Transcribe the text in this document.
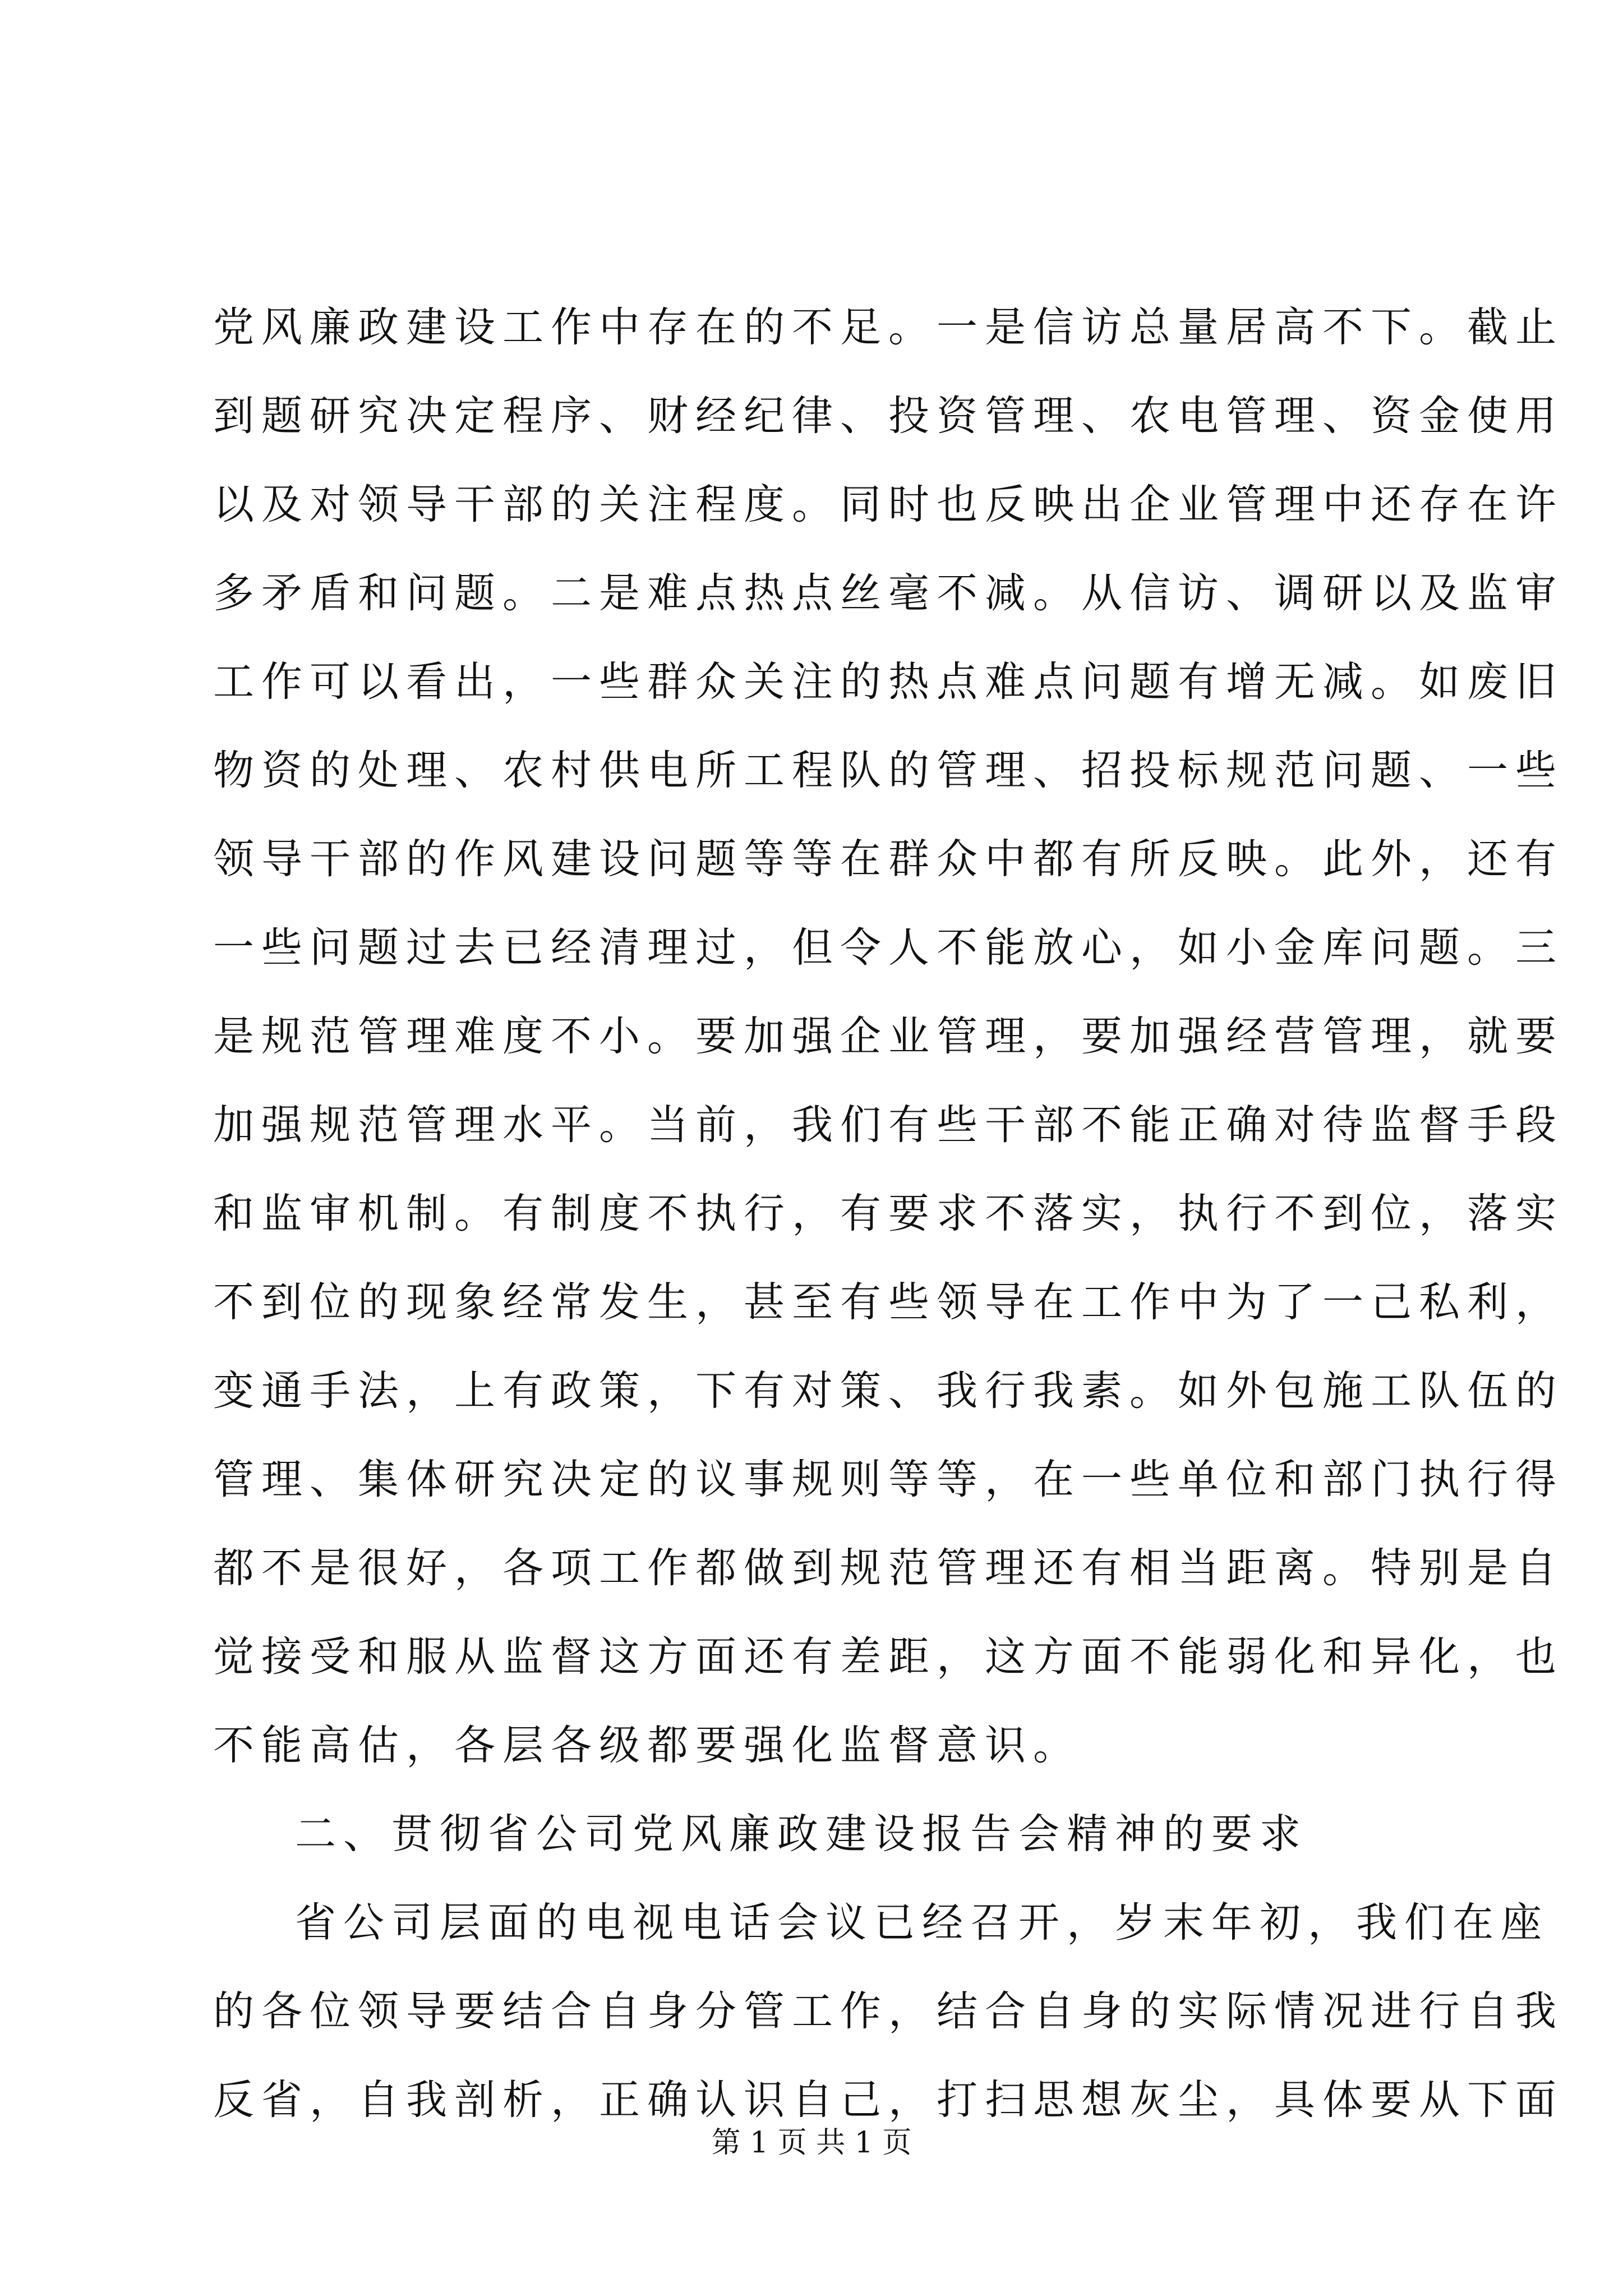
党风廉政建设工作中存在的不足。一是信访总量居高不下。截止
到题研究决定程序、财经纪律、投资管理、农电管理、资金使用
以及对领导干部的关注程度。同时也反映出企业管理中还存在许
多矛盾和问题。二是难点热点丝毫不减。从信访、调研以及监审
工作可以看出，一些群众关注的热点难点问题有增无减。如废旧
物资的处理、农村供电所工程队的管理、招投标规范问题、一些
领导干部的作风建设问题等等在群众中都有所反映。此外，还有
一些问题过去已经清理过，但令人不能放心，如小金库问题。三
是规范管理难度不小。要加强企业管理，要加强经营管理，就要
加强规范管理水平。当前，我们有些干部不能正确对待监督手段
和监审机制。有制度不执行，有要求不落实，执行不到位，落实
不到位的现象经常发生，甚至有些领导在工作中为了一己私利，
变通手法，上有政策，下有对策、我行我素。如外包施工队伍的
管理、集体研究决定的议事规则等等，在一些单位和部门执行得
都不是很好，各项工作都做到规范管理还有相当距离。特别是自
觉接受和服从监督这方面还有差距，这方面不能弱化和异化，也
不能高估，各层各级都要强化监督意识。
二、贯彻省公司党风廉政建设报告会精神的要求
省公司层面的电视电话会议已经召开，岁末年初，我们在座
的各位领导要结合自身分管工作，结合自身的实际情况进行自我
反省，自我剖析，正确认识自己，打扫思想灰尘，具体要从下面
第 1 页 共 1 页
